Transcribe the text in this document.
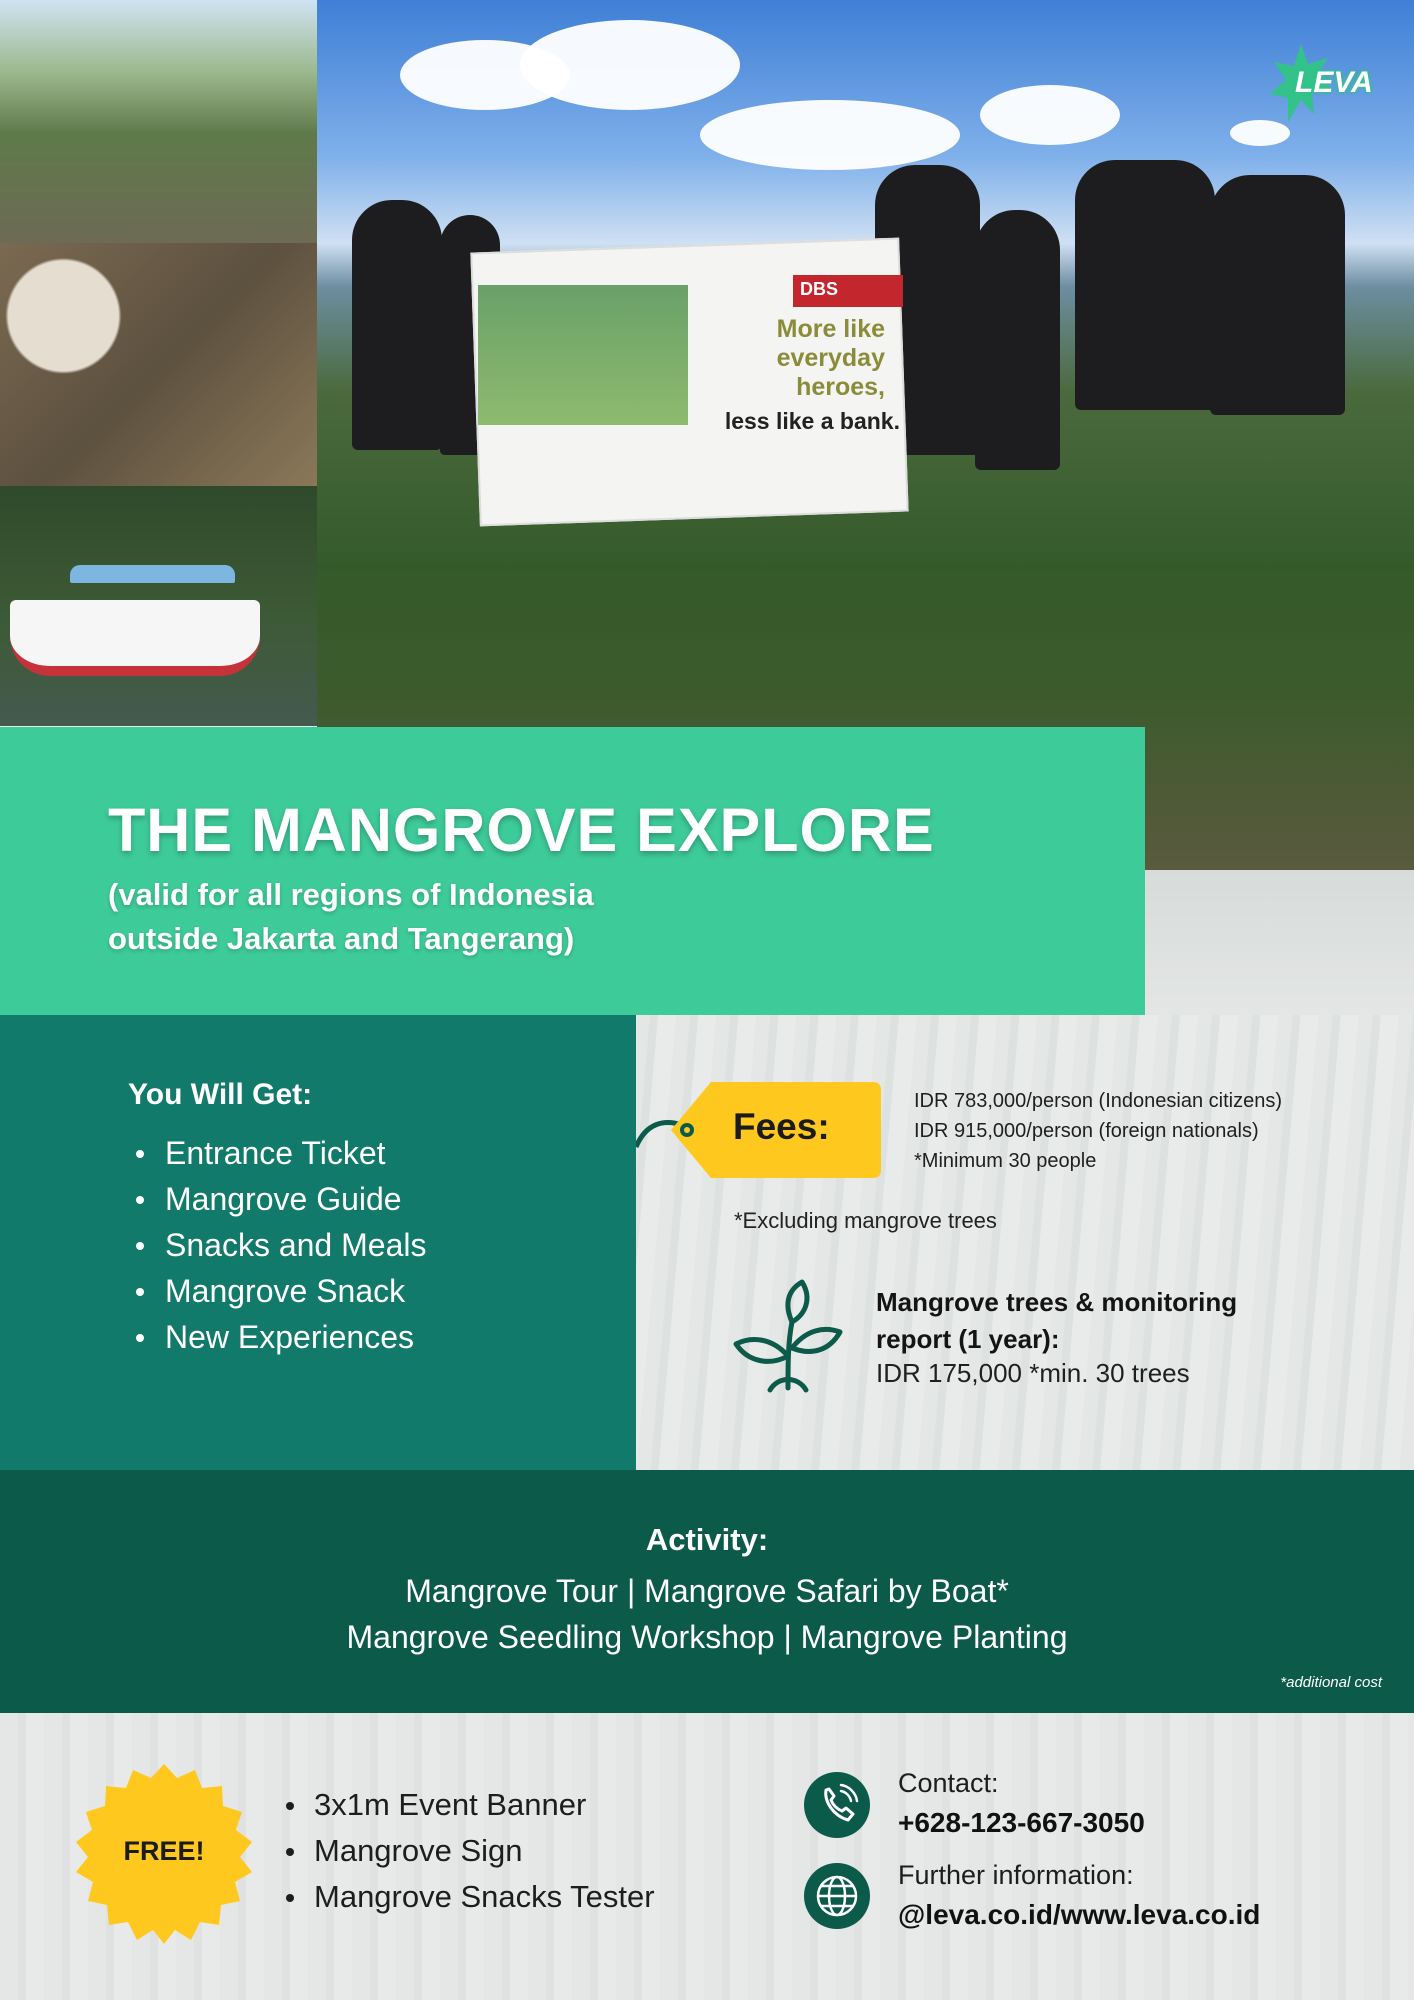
DBS
More like
everyday
heroes,
less like a bank.
LEVA
THE MANGROVE EXPLORE
(valid for all regions of Indonesia
outside Jakarta and Tangerang)
You Will Get:
Entrance Ticket
Mangrove Guide
Snacks and Meals
Mangrove Snack
New Experiences
Fees:
IDR 783,000/person (Indonesian citizens)
IDR 915,000/person (foreign nationals)
*Minimum 30 people
*Excluding mangrove trees
Mangrove trees & monitoring
report (1 year):
IDR 175,000 *min. 30 trees
Activity:
Mangrove Tour | Mangrove Safari by Boat*
Mangrove Seedling Workshop | Mangrove Planting
*additional cost
FREE!
3x1m Event Banner
Mangrove Sign
Mangrove Snacks Tester
Contact:
+628-123-667-3050
Further information:
@leva.co.id/www.leva.co.id
